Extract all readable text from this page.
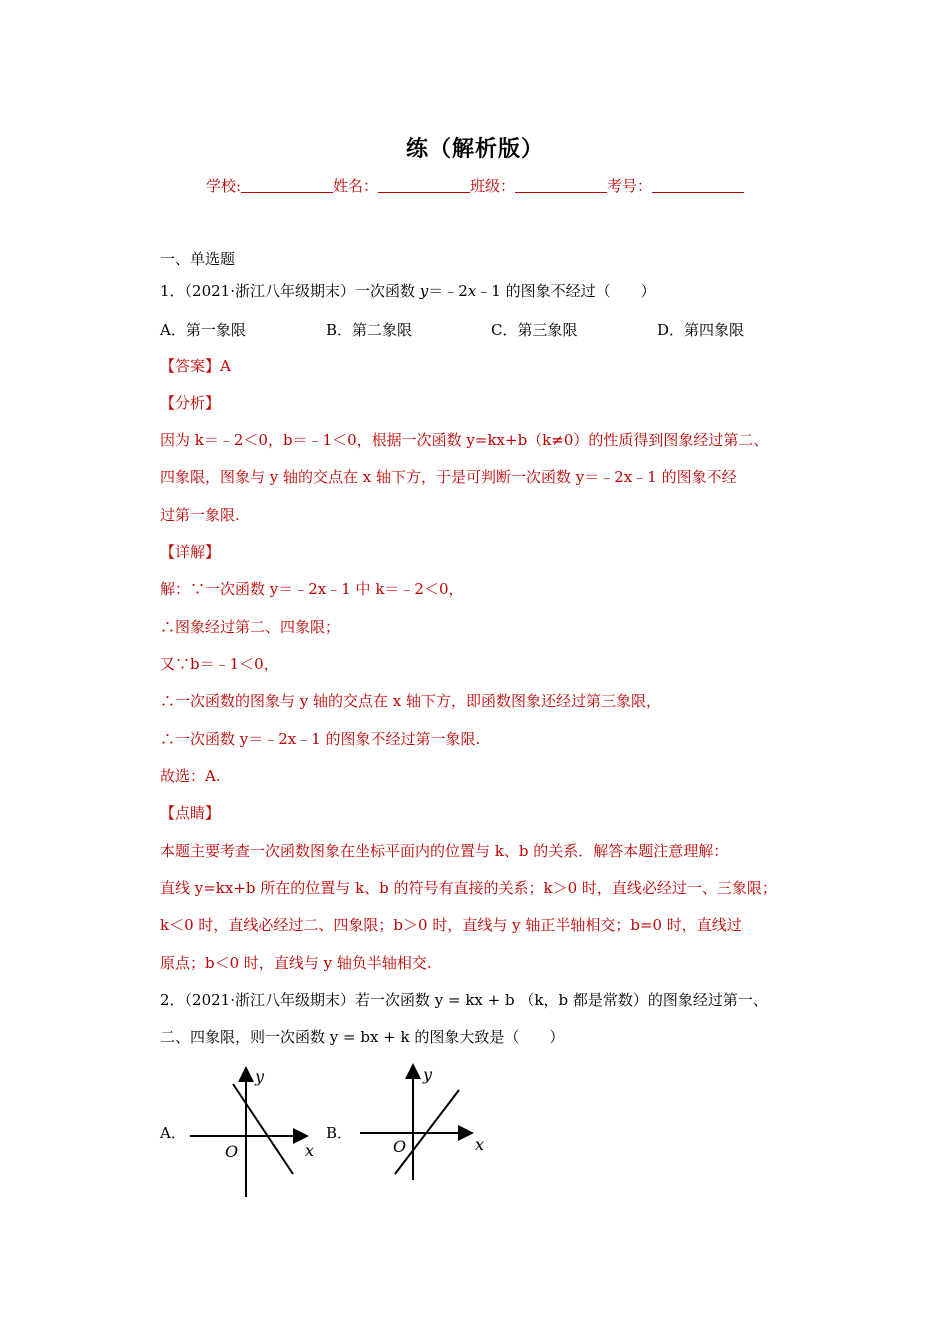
练（解析版）
学校:	姓名：	班级：	考号：
一、单选题
1．（2021·浙江八年级期末）一次函数 y＝﹣2x﹣1 的图象不经过（　　）
A．第一象限	B．第二象限	C．第三象限	D．第四象限
【答案】A
【分析】
因为 k＝﹣2＜0，b＝﹣1＜0，根据一次函数 y=kx+b（k≠0）的性质得到图象经过第二、
四象限，图象与 y 轴的交点在 x 轴下方，于是可判断一次函数 y＝﹣2x﹣1 的图象不经
过第一象限.
【详解】
解：∵一次函数 y＝﹣2x﹣1 中 k＝﹣2＜0，
∴图象经过第二、四象限；
又∵b＝﹣1＜0，
∴一次函数的图象与 y 轴的交点在 x 轴下方，即函数图象还经过第三象限，
∴一次函数 y＝﹣2x﹣1 的图象不经过第一象限.
故选：A.
【点睛】
本题主要考查一次函数图象在坐标平面内的位置与 k、b 的关系．解答本题注意理解：
直线 y=kx+b 所在的位置与 k、b 的符号有直接的关系；k＞0 时，直线必经过一、三象限；
k＜0 时，直线必经过二、四象限；b＞0 时，直线与 y 轴正半轴相交；b=0 时，直线过
原点；b＜0 时，直线与 y 轴负半轴相交.
2．（2021·浙江八年级期末）若一次函数 y = kx + b （k，b 都是常数）的图象经过第一、
二、四象限，则一次函数 y = bx + k 的图象大致是（　　）
A．	B．
y
x
O
y
x
O
